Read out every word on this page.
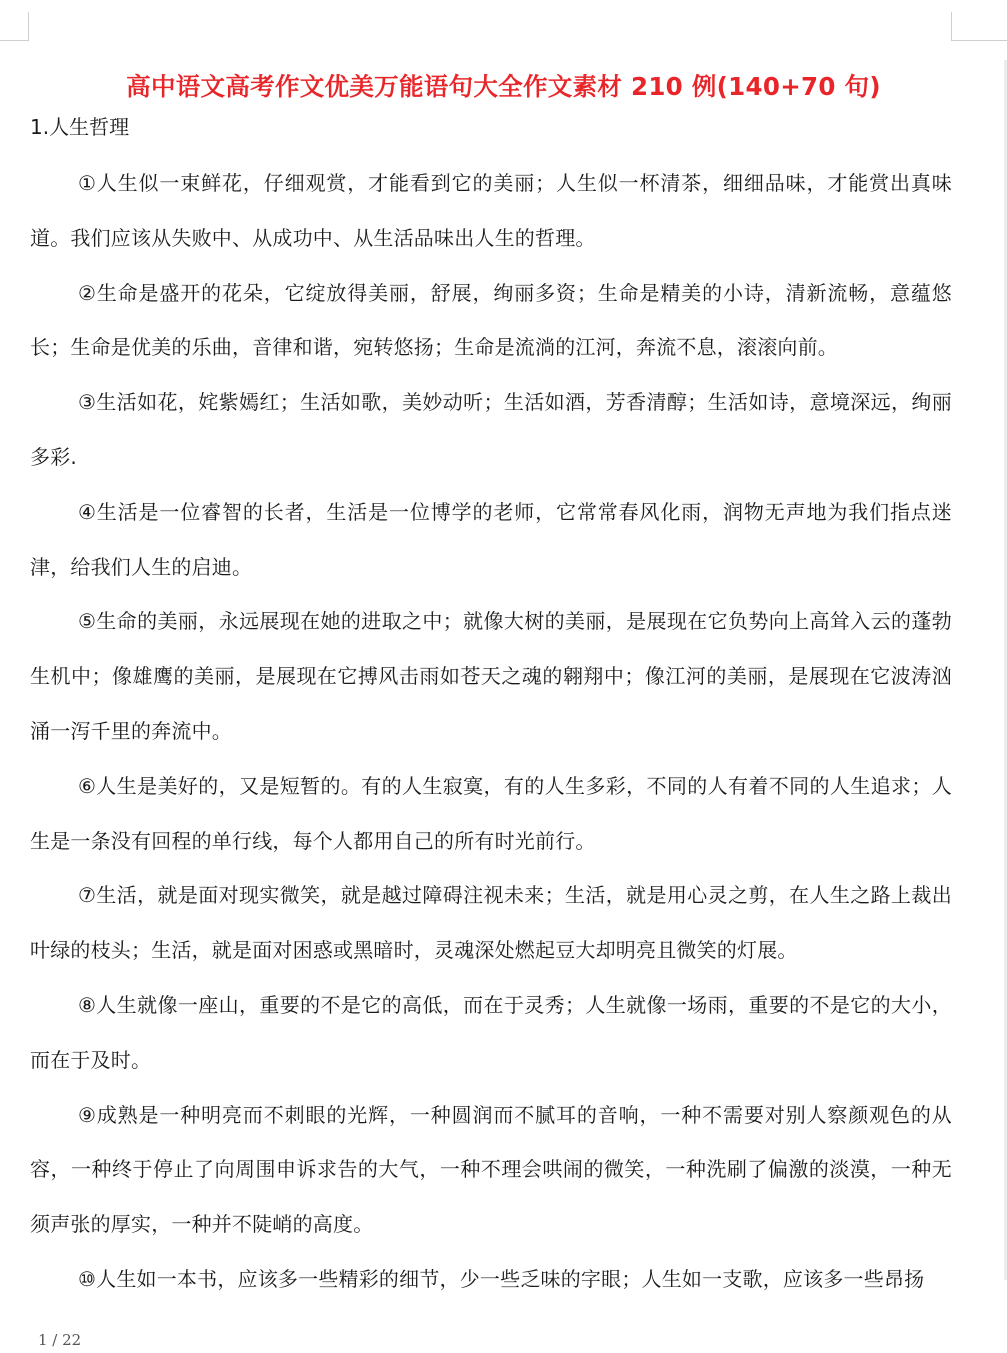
高中语文高考作文优美万能语句大全作文素材 210 例(140+70 句)
1.人生哲理

①人生似一束鲜花，仔细观赏，才能看到它的美丽；人生似一杯清茶，细细品味，才能赏出真味道。我们应该从失败中、从成功中、从生活品味出人生的哲理。

②生命是盛开的花朵，它绽放得美丽，舒展，绚丽多资；生命是精美的小诗，清新流畅，意蕴悠长；生命是优美的乐曲，音律和谐，宛转悠扬；生命是流淌的江河，奔流不息，滚滚向前。

③生活如花，姹紫嫣红；生活如歌，美妙动听；生活如酒，芳香清醇；生活如诗，意境深远，绚丽多彩.

④生活是一位睿智的长者，生活是一位博学的老师，它常常春风化雨，润物无声地为我们指点迷津，给我们人生的启迪。

⑤生命的美丽，永远展现在她的进取之中；就像大树的美丽，是展现在它负势向上高耸入云的蓬勃生机中；像雄鹰的美丽，是展现在它搏风击雨如苍天之魂的翱翔中；像江河的美丽，是展现在它波涛汹涌一泻千里的奔流中。

⑥人生是美好的，又是短暂的。有的人生寂寞，有的人生多彩，不同的人有着不同的人生追求；人生是一条没有回程的单行线，每个人都用自己的所有时光前行。

⑦生活，就是面对现实微笑，就是越过障碍注视未来；生活，就是用心灵之剪，在人生之路上裁出叶绿的枝头；生活，就是面对困惑或黑暗时，灵魂深处燃起豆大却明亮且微笑的灯展。

⑧人生就像一座山，重要的不是它的高低，而在于灵秀；人生就像一场雨，重要的不是它的大小，而在于及时。

⑨成熟是一种明亮而不刺眼的光辉，一种圆润而不腻耳的音响，一种不需要对别人察颜观色的从容，一种终于停止了向周围申诉求告的大气，一种不理会哄闹的微笑，一种洗刷了偏激的淡漠，一种无须声张的厚实，一种并不陡峭的高度。

⑩人生如一本书，应该多一些精彩的细节，少一些乏味的字眼；人生如一支歌，应该多一些昂扬

1 / 22
